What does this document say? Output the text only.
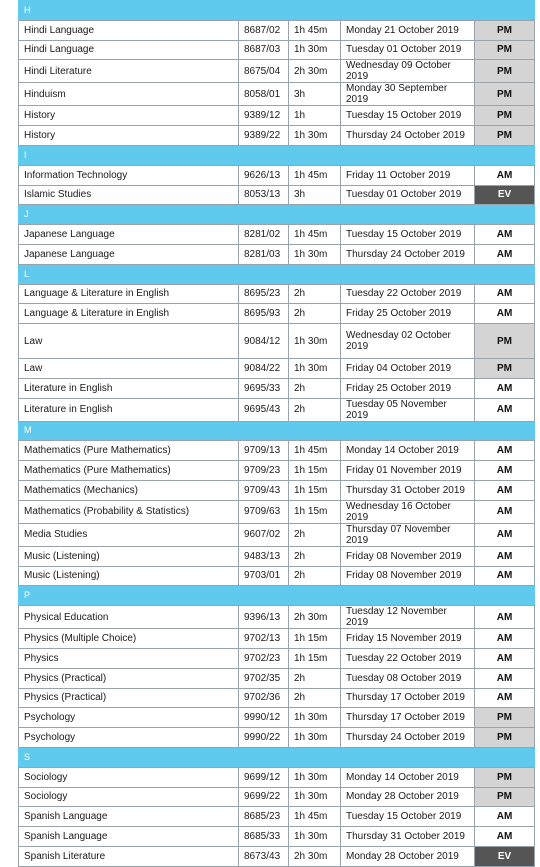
H				
Hindi Language	8687/02	1h 45m	Monday 21 October 2019	PM
Hindi Language	8687/03	1h 30m	Tuesday 01 October 2019	PM
Hindi Literature	8675/04	2h 30m	Wednesday 09 October 2019	PM
Hinduism	8058/01	3h	Monday 30 September 2019	PM
History	9389/12	1h	Tuesday 15 October 2019	PM
History	9389/22	1h 30m	Thursday 24 October 2019	PM
I				
Information Technology	9626/13	1h 45m	Friday 11 October 2019	AM
Islamic Studies	8053/13	3h	Tuesday 01 October 2019	EV
J				
Japanese Language	8281/02	1h 45m	Tuesday 15 October 2019	AM
Japanese Language	8281/03	1h 30m	Thursday 24 October 2019	AM
L				
Language & Literature in English	8695/23	2h	Tuesday 22 October 2019	AM
Language & Literature in English	8695/93	2h	Friday 25 October 2019	AM
Law	9084/12	1h 30m	Wednesday 02 October 2019	PM
Law	9084/22	1h 30m	Friday 04 October 2019	PM
Literature in English	9695/33	2h	Friday 25 October 2019	AM
Literature in English	9695/43	2h	Tuesday 05 November 2019	AM
M				
Mathematics (Pure Mathematics)	9709/13	1h 45m	Monday 14 October 2019	AM
Mathematics (Pure Mathematics)	9709/23	1h 15m	Friday 01 November 2019	AM
Mathematics (Mechanics)	9709/43	1h 15m	Thursday 31 October 2019	AM
Mathematics (Probability & Statistics)	9709/63	1h 15m	Wednesday 16 October 2019	AM
Media Studies	9607/02	2h	Thursday 07 November 2019	AM
Music (Listening)	9483/13	2h	Friday 08 November 2019	AM
Music (Listening)	9703/01	2h	Friday 08 November 2019	AM
P				
Physical Education	9396/13	2h 30m	Tuesday 12 November 2019	AM
Physics (Multiple Choice)	9702/13	1h 15m	Friday 15 November 2019	AM
Physics	9702/23	1h 15m	Tuesday 22 October 2019	AM
Physics (Practical)	9702/35	2h	Tuesday 08 October 2019	AM
Physics (Practical)	9702/36	2h	Thursday 17 October 2019	AM
Psychology	9990/12	1h 30m	Thursday 17 October 2019	PM
Psychology	9990/22	1h 30m	Thursday 24 October 2019	PM
S				
Sociology	9699/12	1h 30m	Monday 14 October 2019	PM
Sociology	9699/22	1h 30m	Monday 28 October 2019	PM
Spanish Language	8685/23	1h 45m	Tuesday 15 October 2019	AM
Spanish Language	8685/33	1h 30m	Thursday 31 October 2019	AM
Spanish Literature	8673/43	2h 30m	Monday 28 October 2019	EV
